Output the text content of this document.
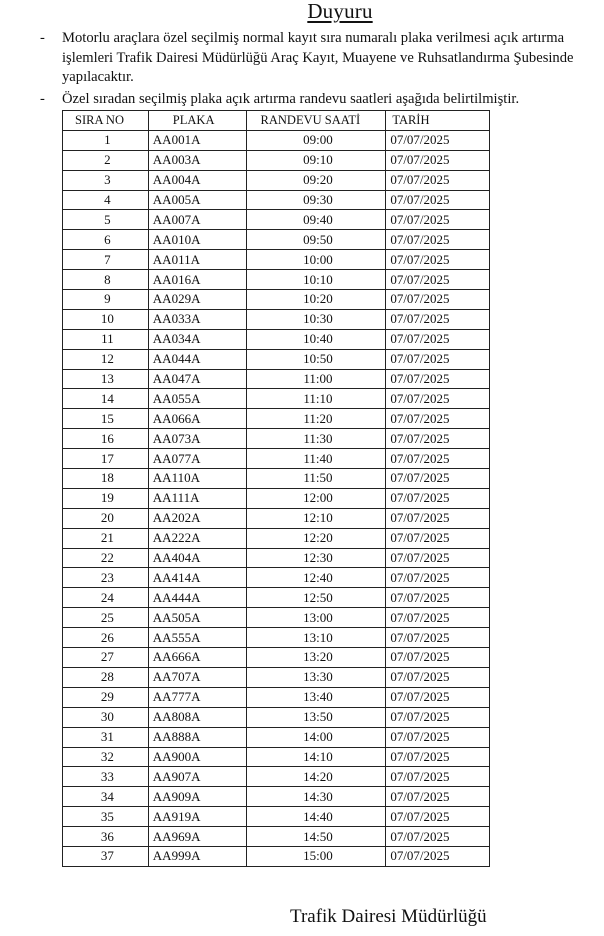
Duyuru
- Motorlu araçlara özel seçilmiş normal kayıt sıra numaralı plaka verilmesi açık artırma işlemleri Trafik Dairesi Müdürlüğü Araç Kayıt, Muayene ve Ruhsatlandırma Şubesinde yapılacaktır.
- Özel sıradan seçilmiş plaka açık artırma randevu saatleri aşağıda belirtilmiştir.
SIRA NO	PLAKA	RANDEVU SAATİ	TARİH
1	AA001A	09:00	07/07/2025
2	AA003A	09:10	07/07/2025
3	AA004A	09:20	07/07/2025
4	AA005A	09:30	07/07/2025
5	AA007A	09:40	07/07/2025
6	AA010A	09:50	07/07/2025
7	AA011A	10:00	07/07/2025
8	AA016A	10:10	07/07/2025
9	AA029A	10:20	07/07/2025
10	AA033A	10:30	07/07/2025
11	AA034A	10:40	07/07/2025
12	AA044A	10:50	07/07/2025
13	AA047A	11:00	07/07/2025
14	AA055A	11:10	07/07/2025
15	AA066A	11:20	07/07/2025
16	AA073A	11:30	07/07/2025
17	AA077A	11:40	07/07/2025
18	AA110A	11:50	07/07/2025
19	AA111A	12:00	07/07/2025
20	AA202A	12:10	07/07/2025
21	AA222A	12:20	07/07/2025
22	AA404A	12:30	07/07/2025
23	AA414A	12:40	07/07/2025
24	AA444A	12:50	07/07/2025
25	AA505A	13:00	07/07/2025
26	AA555A	13:10	07/07/2025
27	AA666A	13:20	07/07/2025
28	AA707A	13:30	07/07/2025
29	AA777A	13:40	07/07/2025
30	AA808A	13:50	07/07/2025
31	AA888A	14:00	07/07/2025
32	AA900A	14:10	07/07/2025
33	AA907A	14:20	07/07/2025
34	AA909A	14:30	07/07/2025
35	AA919A	14:40	07/07/2025
36	AA969A	14:50	07/07/2025
37	AA999A	15:00	07/07/2025
Trafik Dairesi Müdürlüğü
